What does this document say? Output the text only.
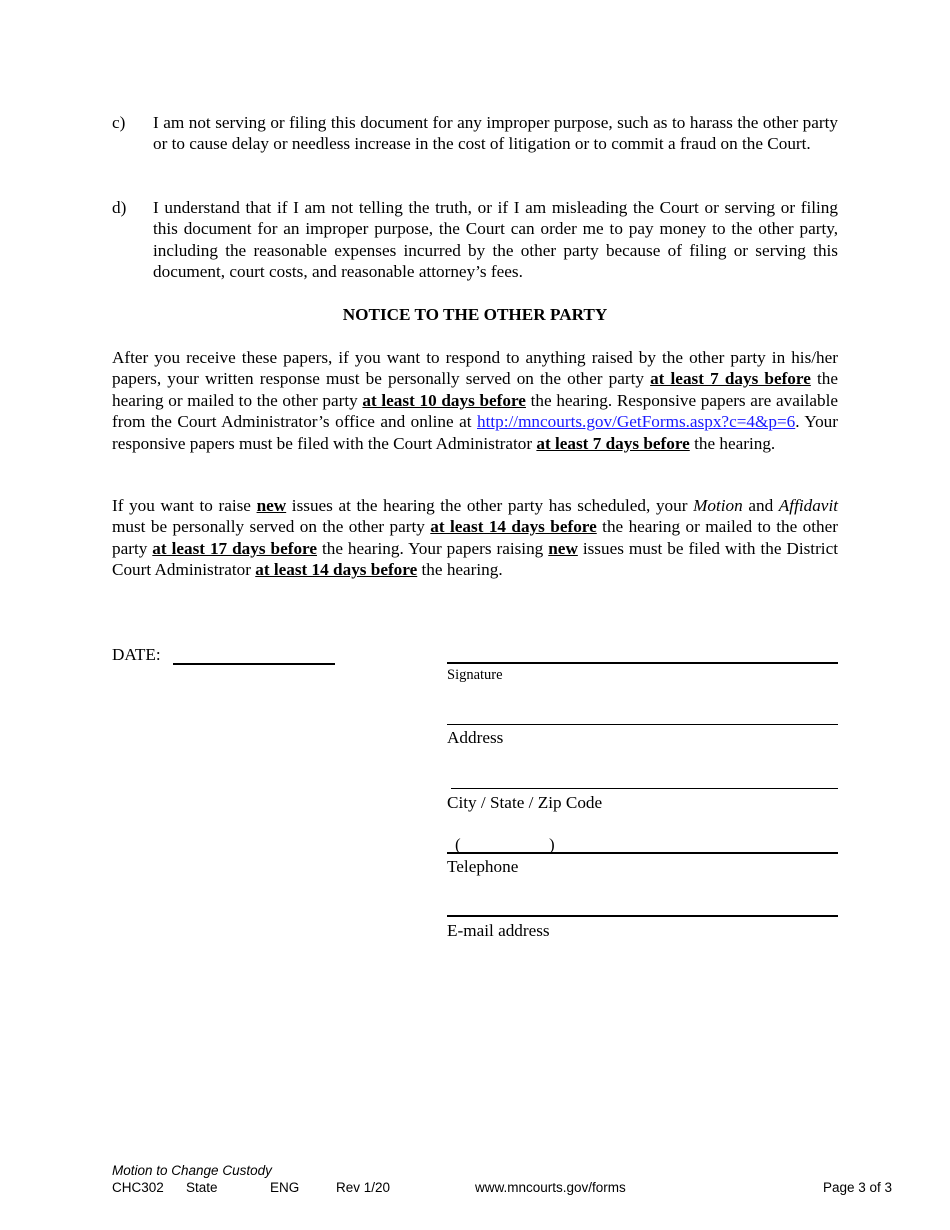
c) I am not serving or filing this document for any improper purpose, such as to harass the other party or to cause delay or needless increase in the cost of litigation or to commit a fraud on the Court.
d) I understand that if I am not telling the truth, or if I am misleading the Court or serving or filing this document for an improper purpose, the Court can order me to pay money to the other party, including the reasonable expenses incurred by the other party because of filing or serving this document, court costs, and reasonable attorney’s fees.
NOTICE TO THE OTHER PARTY
After you receive these papers, if you want to respond to anything raised by the other party in his/her papers, your written response must be personally served on the other party at least 7 days before the hearing or mailed to the other party at least 10 days before the hearing. Responsive papers are available from the Court Administrator’s office and online at http://mncourts.gov/GetForms.aspx?c=4&p=6. Your responsive papers must be filed with the Court Administrator at least 7 days before the hearing.
If you want to raise new issues at the hearing the other party has scheduled, your Motion and Affidavit must be personally served on the other party at least 14 days before the hearing or mailed to the other party at least 17 days before the hearing. Your papers raising new issues must be filed with the District Court Administrator at least 14 days before the hearing.
DATE:
Signature
Address
City / State / Zip Code
(	)
Telephone
E-mail address
Motion to Change Custody
CHC302 State	ENG	Rev 1/20	www.mncourts.gov/forms	Page 3 of 3
